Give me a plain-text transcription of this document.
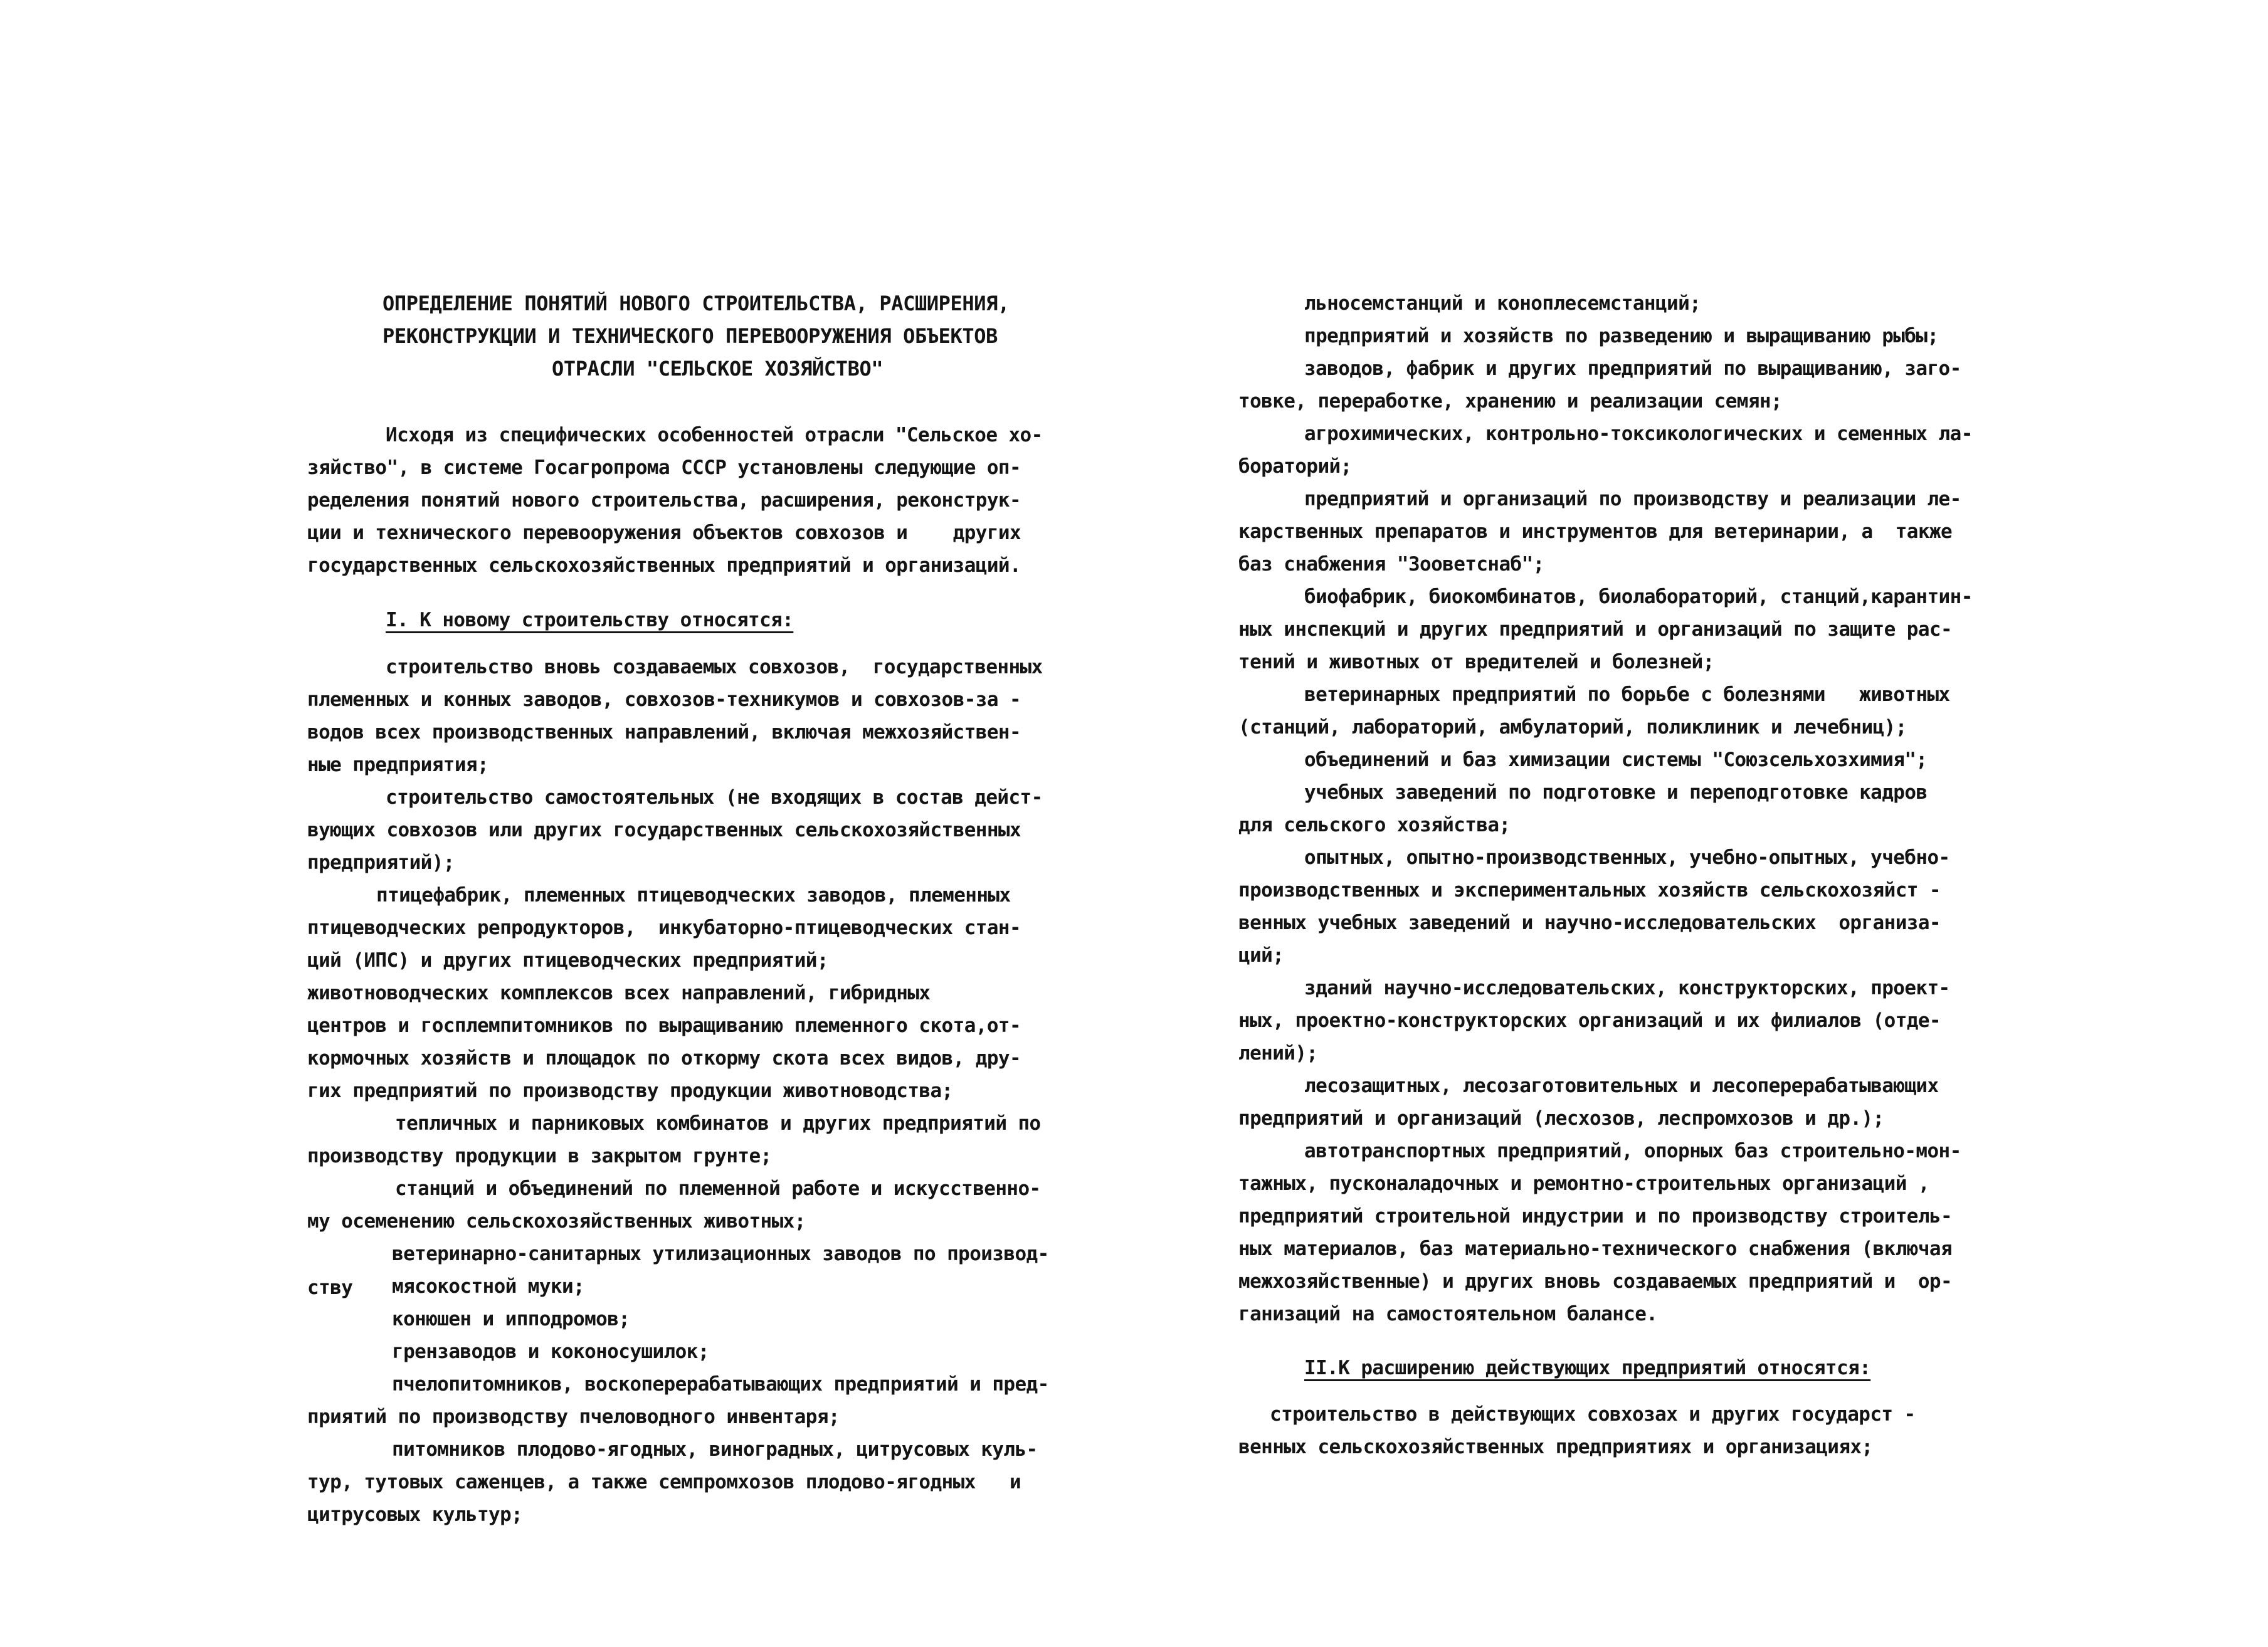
ОПРЕДЕЛЕНИЕ ПОНЯТИЙ НОВОГО СТРОИТЕЛЬСТВА, РАСШИРЕНИЯ,
РЕКОНСТРУКЦИИ И ТЕХНИЧЕСКОГО ПЕРЕВООРУЖЕНИЯ ОБЪЕКТОВ
ОТРАСЛИ "СЕЛЬСКОЕ ХОЗЯЙСТВО"
Исходя из специфических особенностей отрасли "Сельское хо-
зяйство", в системе Госагропрома СССР установлены следующие оп-
ределения понятий нового строительства, расширения, реконструк-
ции и технического перевооружения объектов совхозов и    других
государственных сельскохозяйственных предприятий и организаций.
I. К новому строительству относятся:
строительство вновь создаваемых совхозов,  государственных
племенных и конных заводов, совхозов-техникумов и совхозов-за -
водов всех производственных направлений, включая межхозяйствен-
ные предприятия;
строительство самостоятельных (не входящих в состав дейст-
вующих совхозов или других государственных сельскохозяйственных
предприятий);
птицефабрик, племенных птицеводческих заводов, племенных
птицеводческих репродукторов,  инкубаторно-птицеводческих стан-
ций (ИПС) и других птицеводческих предприятий;
животноводческих комплексов всех направлений, гибридных
центров и госплемпитомников по выращиванию племенного скота,от-
кормочных хозяйств и площадок по откорму скота всех видов, дру-
гих предприятий по производству продукции животноводства;
тепличных и парниковых комбинатов и других предприятий по
производству продукции в закрытом грунте;
станций и объединений по племенной работе и искусственно-
му осеменению сельскохозяйственных животных;
ветеринарно-санитарных утилизационных заводов по производ-
ству мясокостной муки;
конюшен и ипподромов;
грензаводов и коконосушилок;
пчелопитомников, воскоперерабатывающих предприятий и пред-
приятий по производству пчеловодного инвентаря;
питомников плодово-ягодных, виноградных, цитрусовых куль-
тур, тутовых саженцев, а также семпромхозов плодово-ягодных   и
цитрусовых культур;
льносемстанций и коноплесемстанций;
предприятий и хозяйств по разведению и выращиванию рыбы;
заводов, фабрик и других предприятий по выращиванию, заго-
товке, переработке, хранению и реализации семян;
агрохимических, контрольно-токсикологических и семенных ла-
бораторий;
предприятий и организаций по производству и реализации ле-
карственных препаратов и инструментов для ветеринарии, а  также
баз снабжения "Зооветснаб";
биофабрик, биокомбинатов, биолабораторий, станций,карантин-
ных инспекций и других предприятий и организаций по защите рас-
тений и животных от вредителей и болезней;
ветеринарных предприятий по борьбе с болезнями   животных
(станций, лабораторий, амбулаторий, поликлиник и лечебниц);
объединений и баз химизации системы "Союзсельхозхимия";
учебных заведений по подготовке и переподготовке кадров
для сельского хозяйства;
опытных, опытно-производственных, учебно-опытных, учебно-
производственных и экспериментальных хозяйств сельскохозяйст -
венных учебных заведений и научно-исследовательских  организа-
ций;
зданий научно-исследовательских, конструкторских, проект-
ных, проектно-конструкторских организаций и их филиалов (отде-
лений);
лесозащитных, лесозаготовительных и лесоперерабатывающих
предприятий и организаций (лесхозов, леспромхозов и др.);
автотранспортных предприятий, опорных баз строительно-мон-
тажных, пусконаладочных и ремонтно-строительных организаций ,
предприятий строительной индустрии и по производству строитель-
ных материалов, баз материально-технического снабжения (включая
межхозяйственные) и других вновь создаваемых предприятий и  ор-
ганизаций на самостоятельном балансе.
II.К расширению действующих предприятий относятся:
строительство в действующих совхозах и других государст -
венных сельскохозяйственных предприятиях и организациях;
